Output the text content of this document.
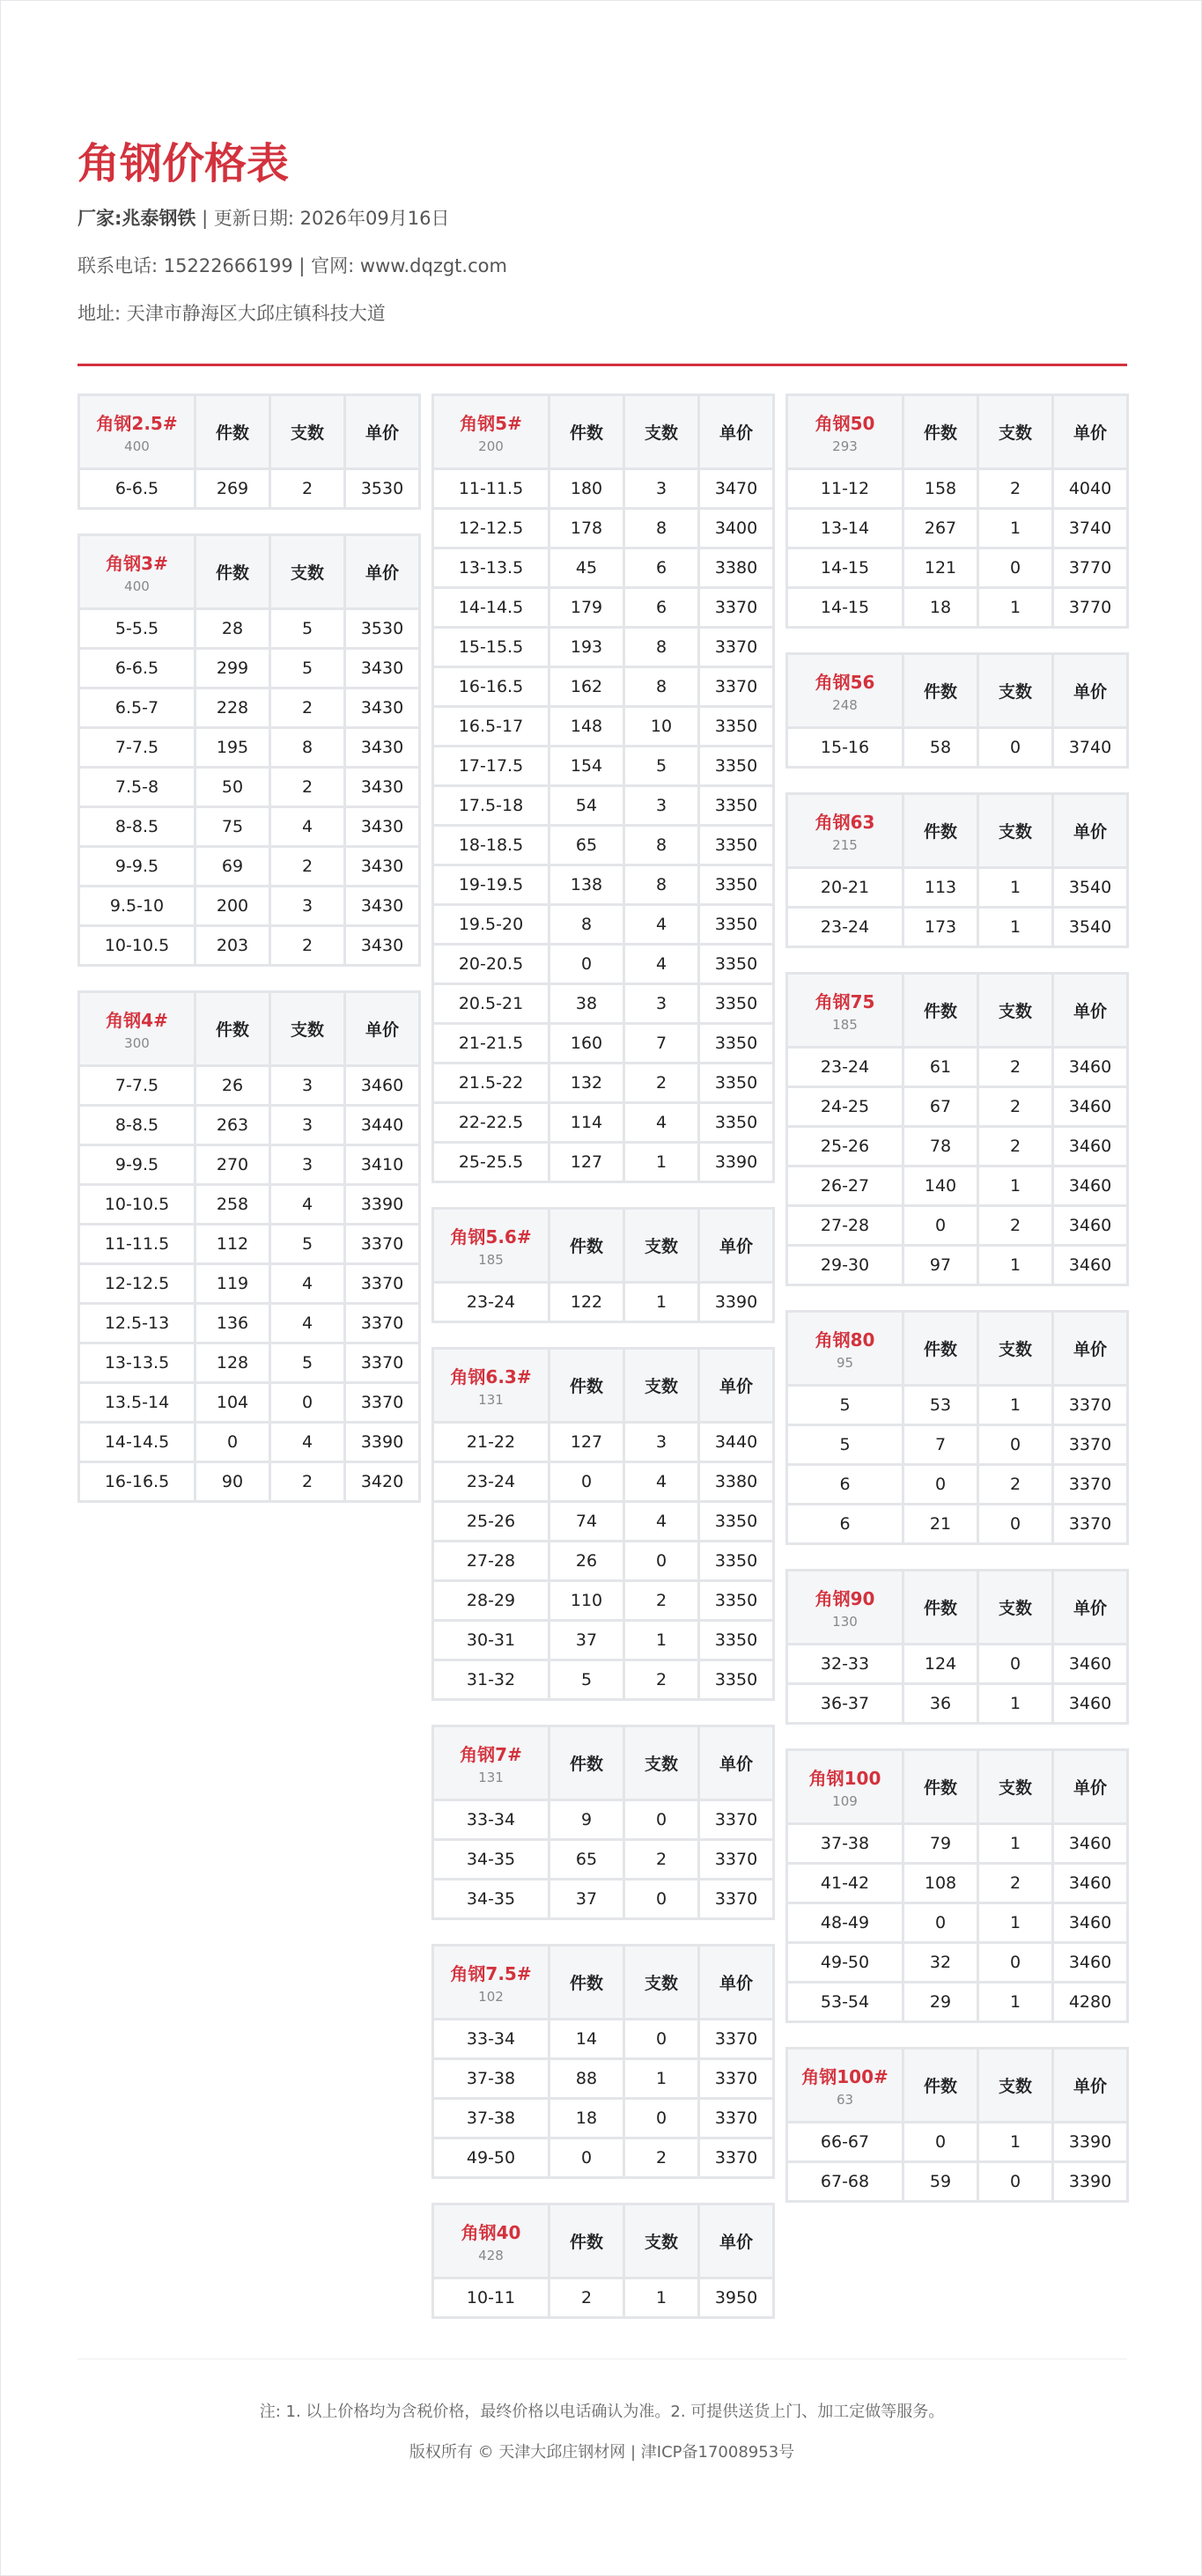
角钢价格表
厂家:兆泰钢铁 | 更新日期: 2026年09月16日
联系电话: 15222666199 | 官网: www.dqzgt.com
地址: 天津市静海区大邱庄镇科技大道
角钢2.5#
400	件数	支数	单价
6-6.5	269	2	3530
角钢3#
400	件数	支数	单价
5-5.5	28	5	3530
6-6.5	299	5	3430
6.5-7	228	2	3430
7-7.5	195	8	3430
7.5-8	50	2	3430
8-8.5	75	4	3430
9-9.5	69	2	3430
9.5-10	200	3	3430
10-10.5	203	2	3430
角钢4#
300	件数	支数	单价
7-7.5	26	3	3460
8-8.5	263	3	3440
9-9.5	270	3	3410
10-10.5	258	4	3390
11-11.5	112	5	3370
12-12.5	119	4	3370
12.5-13	136	4	3370
13-13.5	128	5	3370
13.5-14	104	0	3370
14-14.5	0	4	3390
16-16.5	90	2	3420
角钢5#
200	件数	支数	单价
11-11.5	180	3	3470
12-12.5	178	8	3400
13-13.5	45	6	3380
14-14.5	179	6	3370
15-15.5	193	8	3370
16-16.5	162	8	3370
16.5-17	148	10	3350
17-17.5	154	5	3350
17.5-18	54	3	3350
18-18.5	65	8	3350
19-19.5	138	8	3350
19.5-20	8	4	3350
20-20.5	0	4	3350
20.5-21	38	3	3350
21-21.5	160	7	3350
21.5-22	132	2	3350
22-22.5	114	4	3350
25-25.5	127	1	3390
角钢5.6#
185	件数	支数	单价
23-24	122	1	3390
角钢6.3#
131	件数	支数	单价
21-22	127	3	3440
23-24	0	4	3380
25-26	74	4	3350
27-28	26	0	3350
28-29	110	2	3350
30-31	37	1	3350
31-32	5	2	3350
角钢7#
131	件数	支数	单价
33-34	9	0	3370
34-35	65	2	3370
34-35	37	0	3370
角钢7.5#
102	件数	支数	单价
33-34	14	0	3370
37-38	88	1	3370
37-38	18	0	3370
49-50	0	2	3370
角钢40
428	件数	支数	单价
10-11	2	1	3950
角钢50
293	件数	支数	单价
11-12	158	2	4040
13-14	267	1	3740
14-15	121	0	3770
14-15	18	1	3770
角钢56
248	件数	支数	单价
15-16	58	0	3740
角钢63
215	件数	支数	单价
20-21	113	1	3540
23-24	173	1	3540
角钢75
185	件数	支数	单价
23-24	61	2	3460
24-25	67	2	3460
25-26	78	2	3460
26-27	140	1	3460
27-28	0	2	3460
29-30	97	1	3460
角钢80
95	件数	支数	单价
5	53	1	3370
5	7	0	3370
6	0	2	3370
6	21	0	3370
角钢90
130	件数	支数	单价
32-33	124	0	3460
36-37	36	1	3460
角钢100
109	件数	支数	单价
37-38	79	1	3460
41-42	108	2	3460
48-49	0	1	3460
49-50	32	0	3460
53-54	29	1	4280
角钢100#
63	件数	支数	单价
66-67	0	1	3390
67-68	59	0	3390
注: 1. 以上价格均为含税价格，最终价格以电话确认为准。2. 可提供送货上门、加工定做等服务。
版权所有 © 天津大邱庄钢材网 | 津ICP备17008953号
